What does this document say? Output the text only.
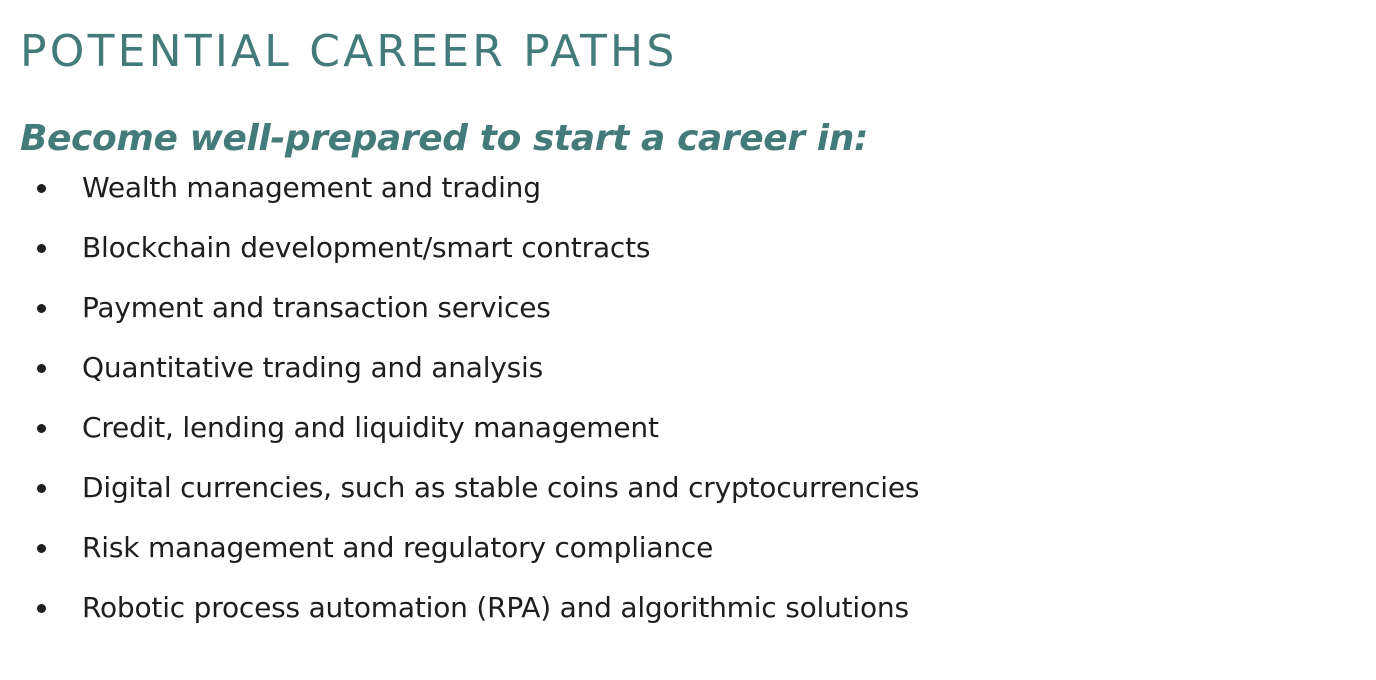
POTENTIAL CAREER PATHS
Become well-prepared to start a career in:
Wealth management and trading
Blockchain development/smart contracts
Payment and transaction services
Quantitative trading and analysis
Credit, lending and liquidity management
Digital currencies, such as stable coins and cryptocurrencies
Risk management and regulatory compliance
Robotic process automation (RPA) and algorithmic solutions
